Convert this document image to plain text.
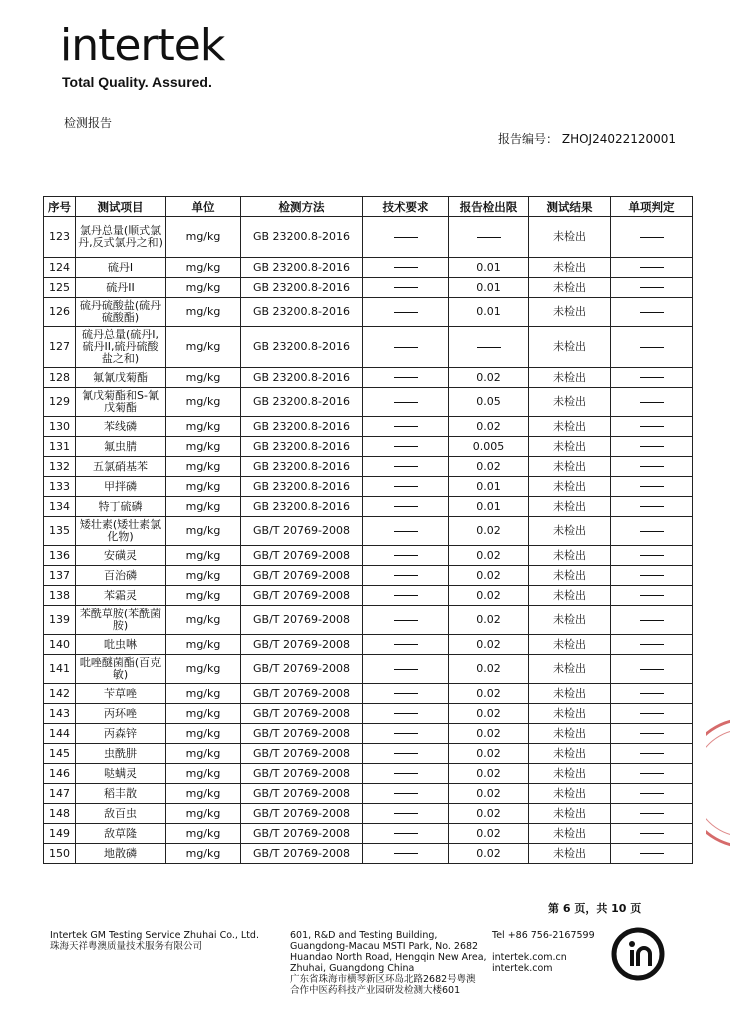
intertek
Total Quality. Assured.
检测报告
报告编号： ZHOJ24022120001
序号	测试项目	单位	检测方法	技术要求	报告检出限	测试结果	单项判定
123	氯丹总量(顺式氯丹,反式氯丹之和)	mg/kg	GB 23200.8-2016			未检出	
124	硫丹I	mg/kg	GB 23200.8-2016		0.01	未检出	
125	硫丹II	mg/kg	GB 23200.8-2016		0.01	未检出	
126	硫丹硫酸盐(硫丹硫酸酯)	mg/kg	GB 23200.8-2016		0.01	未检出	
127	硫丹总量(硫丹I,硫丹II,硫丹硫酸盐之和)	mg/kg	GB 23200.8-2016			未检出	
128	氟氰戊菊酯	mg/kg	GB 23200.8-2016		0.02	未检出	
129	氰戊菊酯和S-氰戊菊酯	mg/kg	GB 23200.8-2016		0.05	未检出	
130	苯线磷	mg/kg	GB 23200.8-2016		0.02	未检出	
131	氟虫腈	mg/kg	GB 23200.8-2016		0.005	未检出	
132	五氯硝基苯	mg/kg	GB 23200.8-2016		0.02	未检出	
133	甲拌磷	mg/kg	GB 23200.8-2016		0.01	未检出	
134	特丁硫磷	mg/kg	GB 23200.8-2016		0.01	未检出	
135	矮壮素(矮壮素氯化物)	mg/kg	GB/T 20769-2008		0.02	未检出	
136	安磺灵	mg/kg	GB/T 20769-2008		0.02	未检出	
137	百治磷	mg/kg	GB/T 20769-2008		0.02	未检出	
138	苯霜灵	mg/kg	GB/T 20769-2008		0.02	未检出	
139	苯酰草胺(苯酰菌胺)	mg/kg	GB/T 20769-2008		0.02	未检出	
140	吡虫啉	mg/kg	GB/T 20769-2008		0.02	未检出	
141	吡唑醚菌酯(百克敏)	mg/kg	GB/T 20769-2008		0.02	未检出	
142	苄草唑	mg/kg	GB/T 20769-2008		0.02	未检出	
143	丙环唑	mg/kg	GB/T 20769-2008		0.02	未检出	
144	丙森锌	mg/kg	GB/T 20769-2008		0.02	未检出	
145	虫酰肼	mg/kg	GB/T 20769-2008		0.02	未检出	
146	哒螨灵	mg/kg	GB/T 20769-2008		0.02	未检出	
147	稻丰散	mg/kg	GB/T 20769-2008		0.02	未检出	
148	敌百虫	mg/kg	GB/T 20769-2008		0.02	未检出	
149	敌草隆	mg/kg	GB/T 20769-2008		0.02	未检出	
150	地散磷	mg/kg	GB/T 20769-2008		0.02	未检出	
第 6 页，共 10 页
Intertek GM Testing Service Zhuhai Co., Ltd.
珠海天祥粤澳质量技术服务有限公司
601, R&D and Testing Building,
Guangdong-Macau MSTI Park, No. 2682
Huandao North Road, Hengqin New Area,
Zhuhai, Guangdong China
广东省珠海市横琴新区环岛北路2682号粤澳
合作中医药科技产业园研发检测大楼601
Tel +86 756-2167599
intertek.com.cn
intertek.com
